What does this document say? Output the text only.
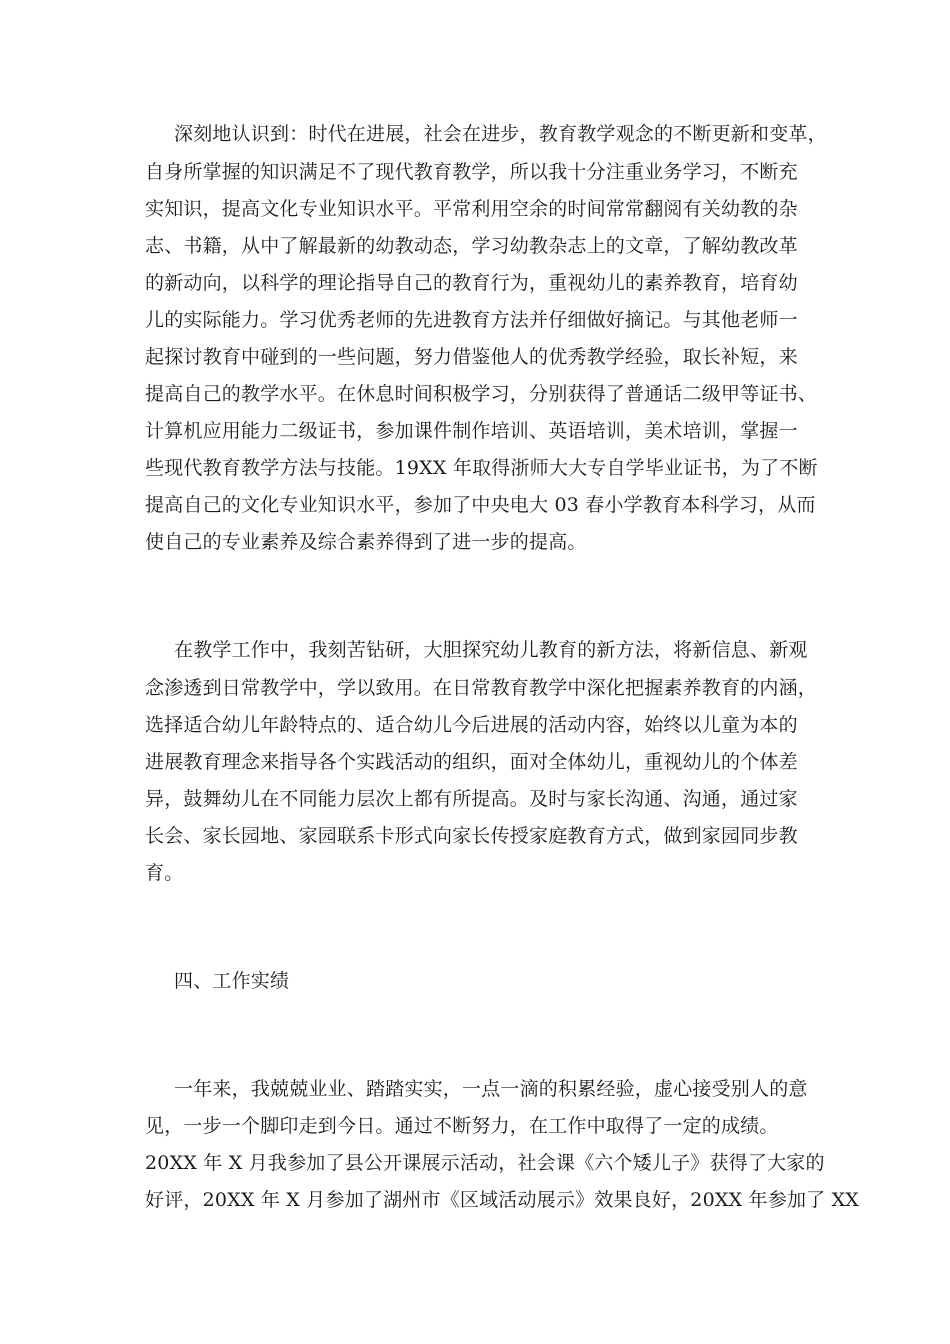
深刻地认识到：时代在进展，社会在进步，教育教学观念的不断更新和变革，
自身所掌握的知识满足不了现代教育教学，所以我十分注重业务学习，不断充
实知识，提高文化专业知识水平。平常利用空余的时间常常翻阅有关幼教的杂
志、书籍，从中了解最新的幼教动态，学习幼教杂志上的文章，了解幼教改革
的新动向，以科学的理论指导自己的教育行为，重视幼儿的素养教育，培育幼
儿的实际能力。学习优秀老师的先进教育方法并仔细做好摘记。与其他老师一
起探讨教育中碰到的一些问题，努力借鉴他人的优秀教学经验，取长补短，来
提高自己的教学水平。在休息时间积极学习，分别获得了普通话二级甲等证书、
计算机应用能力二级证书，参加课件制作培训、英语培训，美术培训，掌握一
些现代教育教学方法与技能。19XX 年取得浙师大大专自学毕业证书，为了不断
提高自己的文化专业知识水平，参加了中央电大 03 春小学教育本科学习，从而
使自己的专业素养及综合素养得到了进一步的提高。
在教学工作中，我刻苦钻研，大胆探究幼儿教育的新方法，将新信息、新观
念渗透到日常教学中，学以致用。在日常教育教学中深化把握素养教育的内涵，
选择适合幼儿年龄特点的、适合幼儿今后进展的活动内容，始终以儿童为本的
进展教育理念来指导各个实践活动的组织，面对全体幼儿，重视幼儿的个体差
异，鼓舞幼儿在不同能力层次上都有所提高。及时与家长沟通、沟通，通过家
长会、家长园地、家园联系卡形式向家长传授家庭教育方式，做到家园同步教
育。
四、工作实绩
一年来，我兢兢业业、踏踏实实，一点一滴的积累经验，虚心接受别人的意
见，一步一个脚印走到今日。通过不断努力，在工作中取得了一定的成绩。
20XX 年 X 月我参加了县公开课展示活动，社会课《六个矮儿子》获得了大家的
好评，20XX 年 X 月参加了湖州市《区域活动展示》效果良好，20XX 年参加了 XX
